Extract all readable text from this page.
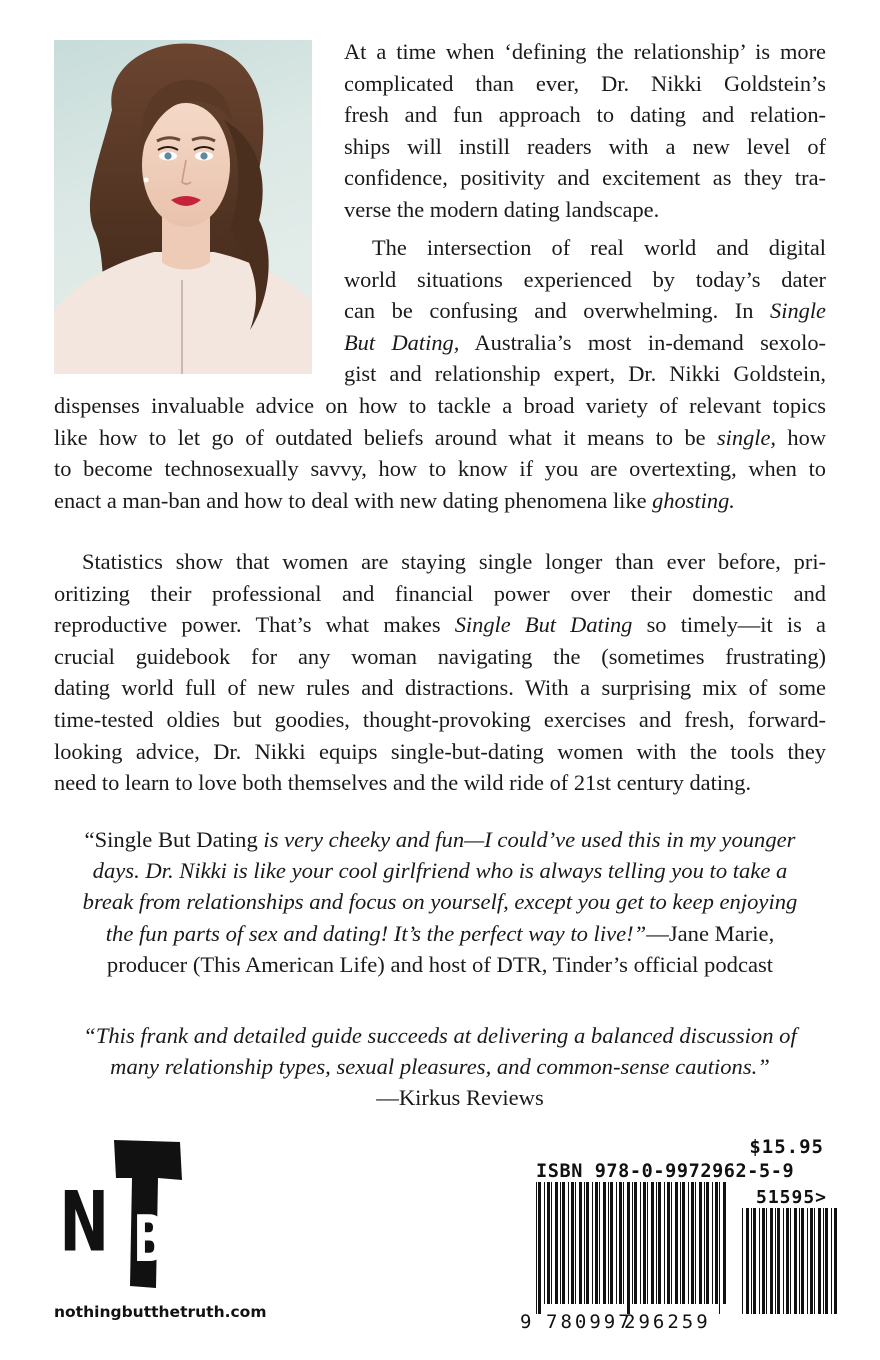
At a time when ‘defining the relationship’ is more
complicated than ever, Dr. Nikki Goldstein’s
fresh and fun approach to dating and relation-
ships will instill readers with a new level of
confidence, positivity and excitement as they tra-
verse the modern dating landscape.

The intersection of real world and digital
world situations experienced by today’s dater
can be confusing and overwhelming. In Single
But Dating, Australia’s most in-demand sexolo-
gist and relationship expert, Dr. Nikki Goldstein,

dispenses invaluable advice on how to tackle a broad variety of relevant topics
like how to let go of outdated beliefs around what it means to be single, how
to become technosexually savvy, how to know if you are overtexting, when to
enact a man-ban and how to deal with new dating phenomena like ghosting.

Statistics show that women are staying single longer than ever before, pri-
oritizing their professional and financial power over their domestic and
reproductive power. That’s what makes Single But Dating so timely—it is a
crucial guidebook for any woman navigating the (sometimes frustrating)
dating world full of new rules and distractions. With a surprising mix of some
time-tested oldies but goodies, thought-provoking exercises and fresh, forward-
looking advice, Dr. Nikki equips single-but-dating women with the tools they
need to learn to love both themselves and the wild ride of 21st century dating.

“Single But Dating is very cheeky and fun—I could’ve used this in my younger
days. Dr. Nikki is like your cool girlfriend who is always telling you to take a
break from relationships and focus on yourself, except you get to keep enjoying
the fun parts of sex and dating! It’s the perfect way to live!”—Jane Marie,
producer (This American Life) and host of DTR, Tinder’s official podcast

“This frank and detailed guide succeeds at delivering a balanced discussion of
many relationship types, sexual pleasures, and common-sense cautions.”
—Kirkus Reviews

N B
nothingbutthetruth.com
$15.95
ISBN 978-0-9972962-5-9
51595>
9 780997
296259
